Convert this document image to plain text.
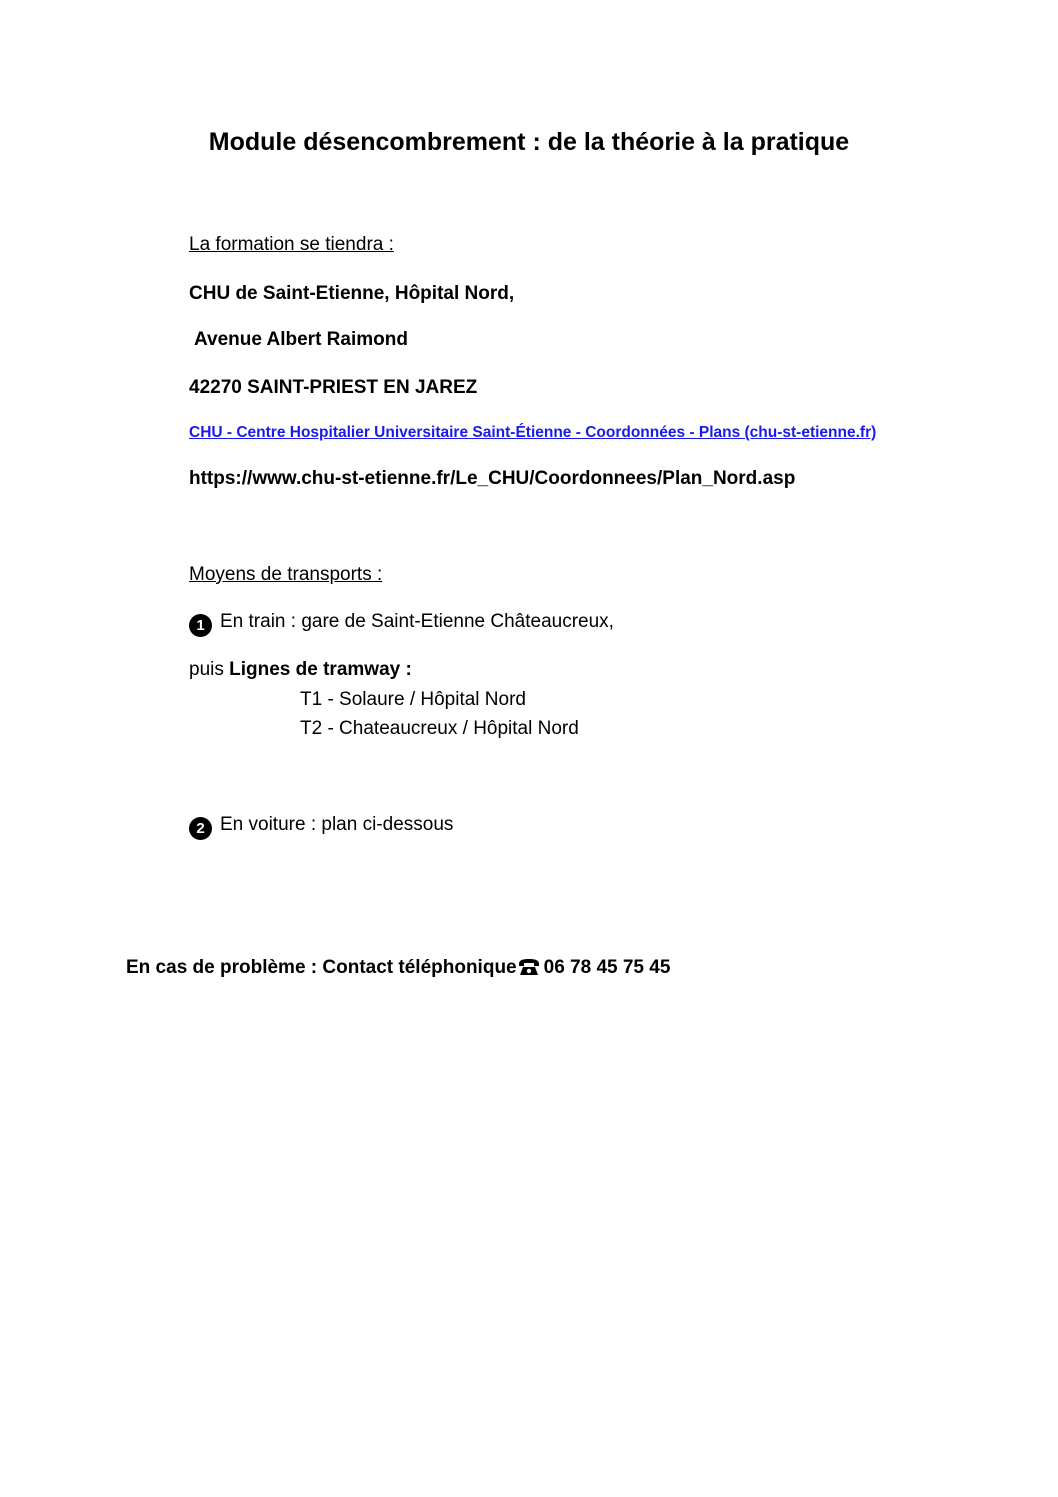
Module désencombrement : de la théorie à la pratique
La formation se tiendra :
CHU de Saint-Etienne, Hôpital Nord,
Avenue Albert Raimond
42270 SAINT-PRIEST EN JAREZ
CHU - Centre Hospitalier Universitaire Saint-Étienne - Coordonnées - Plans (chu-st-etienne.fr)
https://www.chu-st-etienne.fr/Le_CHU/Coordonnees/Plan_Nord.asp
Moyens de transports :
1 En train : gare de Saint-Etienne Châteaucreux,
puis Lignes de tramway :
T1 - Solaure / Hôpital Nord
T2 - Chateaucreux / Hôpital Nord
2 En voiture : plan ci-dessous
En cas de problème : Contact téléphonique 06 78 45 75 45
